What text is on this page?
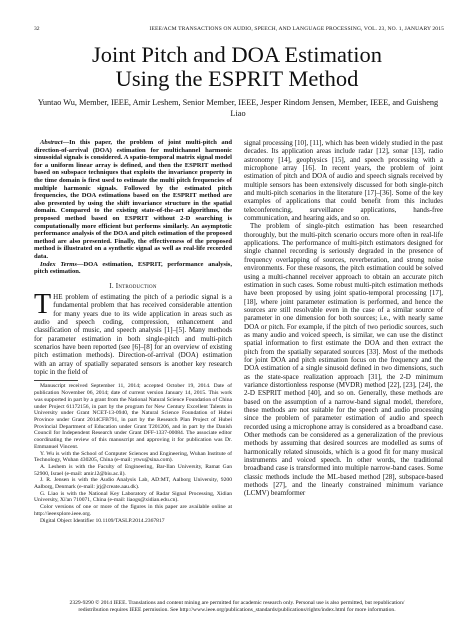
32	IEEE/ACM TRANSACTIONS ON AUDIO, SPEECH, AND LANGUAGE PROCESSING, VOL. 23, NO. 1, JANUARY 2015
Joint Pitch and DOA Estimation
Using the ESPRIT Method
Yuntao Wu, Member, IEEE, Amir Leshem, Senior Member, IEEE, Jesper Rindom Jensen, Member, IEEE, and Guisheng Liao

Abstract—In this paper, the problem of joint multi-pitch and direction-of-arrival (DOA) estimation for multichannel harmonic sinusoidal signals is considered. A spatio-temporal matrix signal model for a uniform linear array is defined, and then the ESPRIT method based on subspace techniques that exploits the invariance property in the time domain is first used to estimate the multi pitch frequencies of multiple harmonic signals. Followed by the estimated pitch frequencies, the DOA estimations based on the ESPRIT method are also presented by using the shift invariance structure in the spatial domain. Compared to the existing state-of-the-art algorithms, the proposed method based on ESPRIT without 2-D searching is computationally more efficient but performs similarly. An asymptotic performance analysis of the DOA and pitch estimation of the proposed method are also presented. Finally, the effectiveness of the proposed method is illustrated on a synthetic signal as well as real-life recorded data.

Index Terms—DOA estimation, ESPRIT, performance analysis, pitch estimation.

I. Introduction

THE problem of estimating the pitch of a periodic signal is a fundamental problem that has received considerable attention for many years due to its wide application in areas such as audio and speech coding, compression, enhancement and classification of music, and speech analysis [1]–[5]. Many methods for parameter estimation in both single-pitch and multi-pitch scenarios have been reported (see [6]–[8] for an overview of existing pitch estimation methods). Direction-of-arrival (DOA) estimation with an array of spatially separated sensors is another key research topic in the field of

Manuscript received September 11, 2014; accepted October 19, 2014. Date of publication November 06, 2014; date of current version January 14, 2015. This work was supported in part by a grant from the National Natural Science Foundation of China under Project 61172156, in part by the program for New Century Excellent Talents in University under Grant NCET-13-0940, the Natural Science Foundation of Hubei Province under Grant 2014CFB791, in part by the Research Plan Project of Hubei Provincial Department of Education under Grant T201206, and in part by the Danish Council for Independent Research under Grant DFF-1337-00084. The associate editor coordinating the review of this manuscript and approving it for publication was Dr. Emmanuel Vincent.

Y. Wu is with the School of Computer Sciences and Engineering, Wuhan Institute of Technology, Wuhan 430205, China (e-mail: ytwu@sina.com).

A. Leshem is with the Faculty of Engineering, Bar-Ilan University, Ramat Gan 52900, Israel (e-mail: amir.l2@biu.ac.il).

J. R. Jensen is with the Audio Analysis Lab, AD:MT, Aalborg University, 9200 Aalborg, Denmark (e-mail: jrj@create.aau.dk).

G. Liao is with the National Key Laboratory of Radar Signal Processing, Xidian University, Xi'an 710071, China (e-mail: liaogs@xidian.edu.cn).

Color versions of one or more of the figures in this paper are available online at http://ieeexplore.ieee.org.

Digital Object Identifier 10.1109/TASLP.2014.2367817

signal processing [10], [11], which has been widely studied in the past decades. Its application areas include radar [12], sonar [13], radio astronomy [14], geophysics [15], and speech processing with a microphone array [16]. In recent years, the problem of joint estimation of pitch and DOA of audio and speech signals received by multiple sensors has been extensively discussed for both single-pitch and multi-pitch scenarios in the literature [17]–[36]. Some of the key examples of applications that could benefit from this includes teleconferencing, surveillance applications, hands-free communication, and hearing aids, and so on.

The problem of single-pitch estimation has been researched thoroughly, but the multi-pitch scenario occurs more often in real-life applications. The performance of multi-pitch estimators designed for single channel recording is seriously degraded in the presence of frequency overlapping of sources, reverberation, and strong noise environments. For these reasons, the pitch estimation could be solved using a multi-channel receiver approach to obtain an accurate pitch estimation in such cases. Some robust multi-pitch estimation methods have been proposed by using joint spatio-temporal processing [17], [18], where joint parameter estimation is performed, and hence the sources are still resolvable even in the case of a similar source of parameter in one dimension for both sources; i.e., with nearly same DOA or pitch. For example, if the pitch of two periodic sources, such as many audio and voiced speech, is similar, we can use the distinct spatial information to first estimate the DOA and then extract the pitch from the spatially separated sources [33]. Most of the methods for joint DOA and pitch estimation focus on the frequency and the DOA estimation of a single sinusoid defined in two dimensions, such as the state-space realization approach [31], the 2-D minimum variance distortionless response (MVDR) method [22], [23], [24], the 2-D ESPRIT method [40], and so on. Generally, these methods are based on the assumption of a narrow-band signal model, therefore, these methods are not suitable for the speech and audio processing since the problem of parameter estimation of audio and speech recorded using a microphone array is considered as a broadband case. Other methods can be considered as a generalization of the previous methods by assuming that desired sources are modelled as sums of harmonically related sinusoids, which is a good fit for many musical instruments and voiced speech. In other words, the traditional broadband case is transformed into multiple narrow-band cases. Some classic methods include the ML-based method [28], subspace-based methods [27], and the linearly constrained minimum variance (LCMV) beamformer

2329-9290 © 2014 IEEE. Translations and content mining are permitted for academic research only. Personal use is also permitted, but republication/
redistribution requires IEEE permission. See http://www.ieee.org/publications_standards/publications/rights/index.html for more information.
